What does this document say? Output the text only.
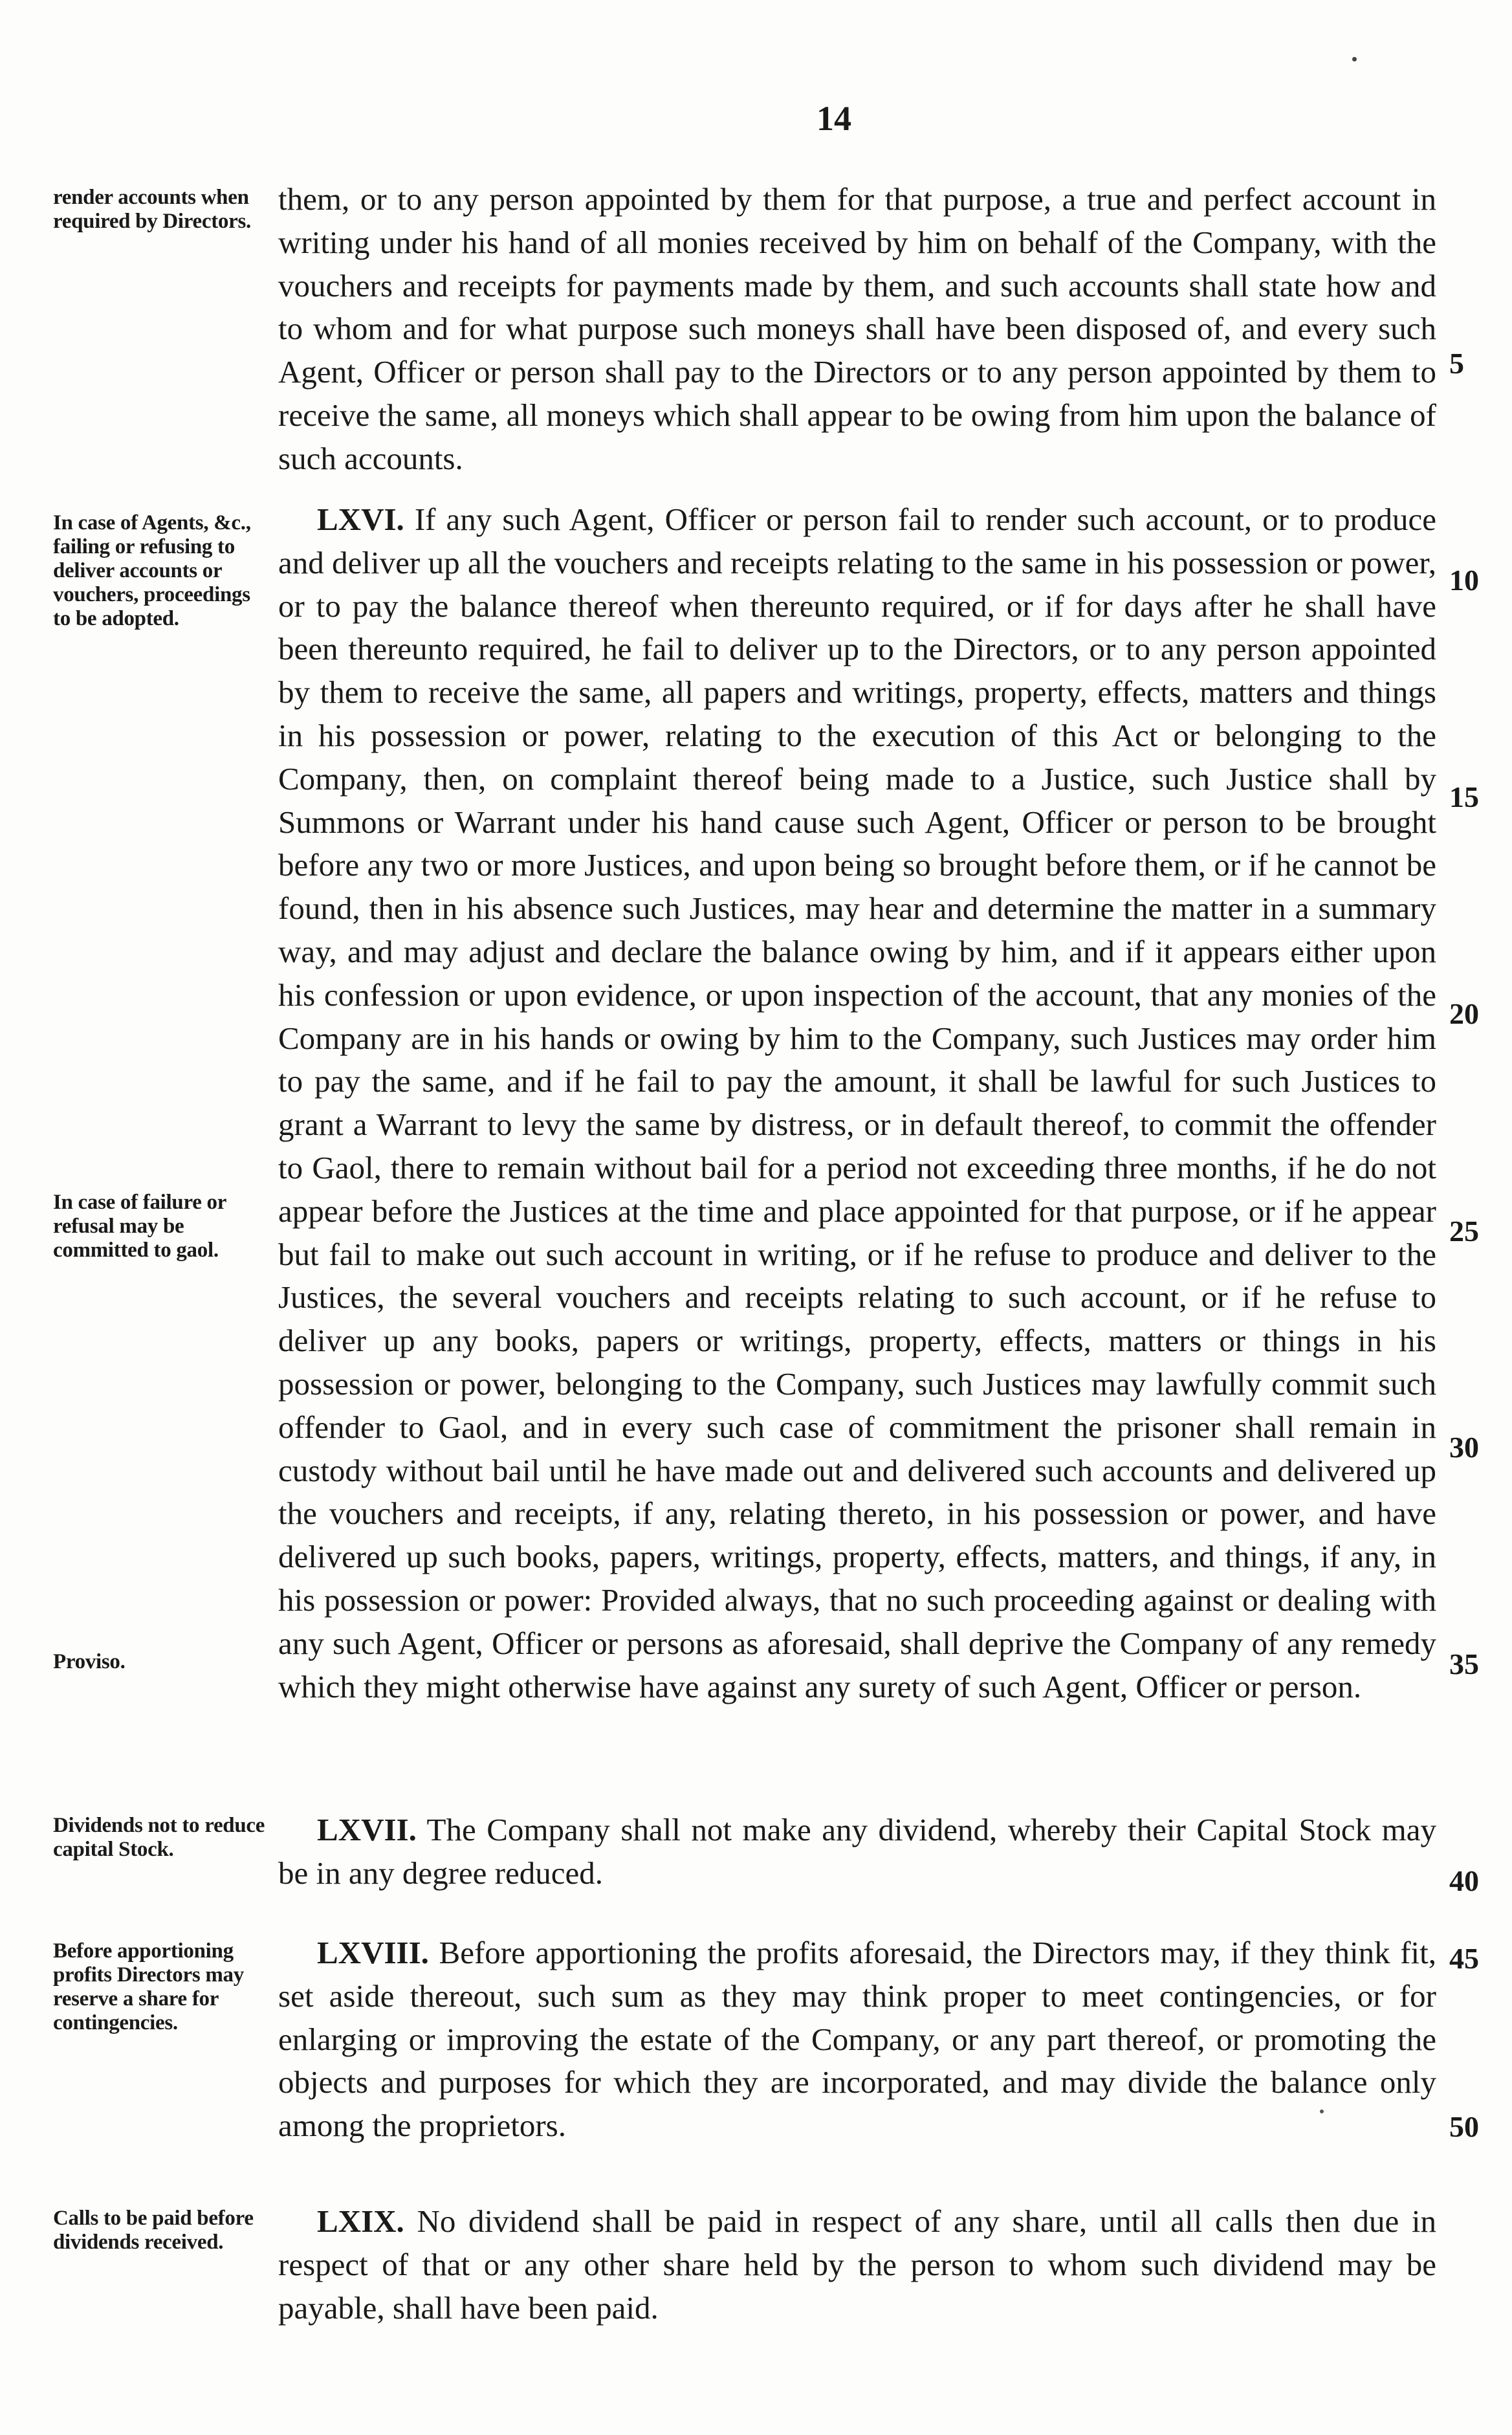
14
render accounts when required by Directors.
them, or to any person appointed by them for that purpose, a true and perfect account in writing under his hand of all monies received by him on behalf of the Company, with the vouchers and receipts for payments made by them, and such accounts shall state how and to whom and for what purpose such moneys shall have been disposed of, and every such Agent, Officer or person shall pay to the Directors or to any person appointed by them to receive the same, all moneys which shall appear to be owing from him upon the balance of such accounts.
In case of Agents, &c., failing or refusing to deliver accounts or vouchers, proceedings to be adopted.
In case of failure or refusal may be committed to gaol.
Proviso.
LXVI. If any such Agent, Officer or person fail to render such account, or to produce and deliver up all the vouchers and receipts relating to the same in his possession or power, or to pay the balance thereof when thereunto required, or if for days after he shall have been thereunto required, he fail to deliver up to the Directors, or to any person appointed by them to receive the same, all papers and writings, property, effects, matters and things in his possession or power, relating to the execution of this Act or belonging to the Company, then, on complaint thereof being made to a Justice, such Justice shall by Summons or Warrant under his hand cause such Agent, Officer or person to be brought before any two or more Justices, and upon being so brought before them, or if he cannot be found, then in his absence such Justices, may hear and determine the matter in a summary way, and may adjust and declare the balance owing by him, and if it appears either upon his confession or upon evidence, or upon inspection of the account, that any monies of the Company are in his hands or owing by him to the Company, such Justices may order him to pay the same, and if he fail to pay the amount, it shall be lawful for such Justices to grant a Warrant to levy the same by distress, or in default thereof, to commit the offender to Gaol, there to remain without bail for a period not exceeding three months, if he do not appear before the Justices at the time and place appointed for that purpose, or if he appear but fail to make out such account in writing, or if he refuse to produce and deliver to the Justices, the several vouchers and receipts relating to such account, or if he refuse to deliver up any books, papers or writings, property, effects, matters or things in his possession or power, belonging to the Company, such Justices may lawfully commit such offender to Gaol, and in every such case of commitment the prisoner shall remain in custody without bail until he have made out and delivered such accounts and delivered up the vouchers and receipts, if any, relating thereto, in his possession or power, and have delivered up such books, papers, writings, property, effects, matters, and things, if any, in his possession or power: Provided always, that no such proceeding against or dealing with any such Agent, Officer or persons as aforesaid, shall deprive the Company of any remedy which they might otherwise have against any surety of such Agent, Officer or person.
Dividends not to reduce capital Stock.
LXVII. The Company shall not make any dividend, whereby their Capital Stock may be in any degree reduced.
Before apportioning profits Directors may reserve a share for contingencies.
LXVIII. Before apportioning the profits aforesaid, the Directors may, if they think fit, set aside thereout, such sum as they may think proper to meet contingencies, or for enlarging or improving the estate of the Company, or any part thereof, or promoting the objects and purposes for which they are incorporated, and may divide the balance only among the proprietors.
Calls to be paid before dividends received.
LXIX. No dividend shall be paid in respect of any share, until all calls then due in respect of that or any other share held by the person to whom such dividend may be payable, shall have been paid.
5
10
15
20
25
30
35
40
45
50
